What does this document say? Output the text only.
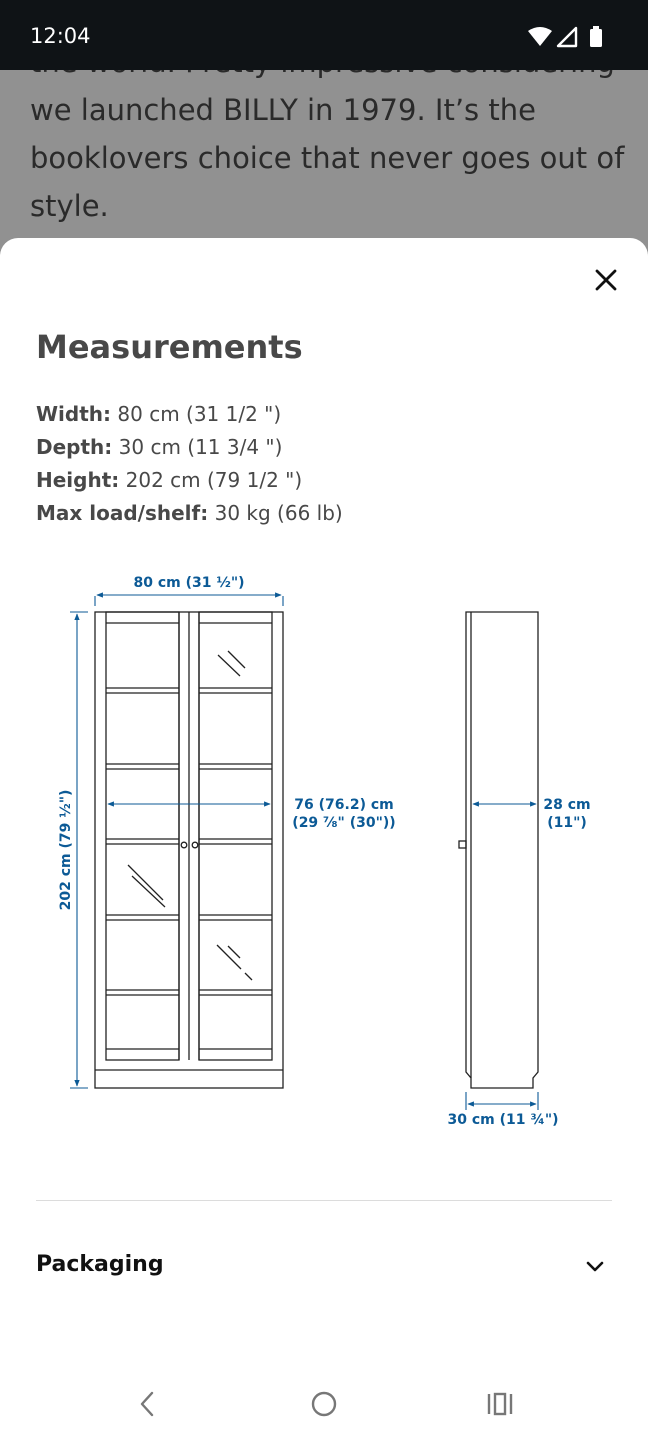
12:04
we launched BILLY in 1979. It’s the
booklovers choice that never goes out of
style.
Measurements
Width: 80 cm (31 1/2 ")
Depth: 30 cm (11 3/4 ")
Height: 202 cm (79 1/2 ")
Max load/shelf: 30 kg (66 lb)
80 cm (31 ½")
202 cm (79 ½")	76 (76.2) cm
(29 ⅞" (30"))
28 cm
(11")
30 cm (11 ¾")
Packaging
